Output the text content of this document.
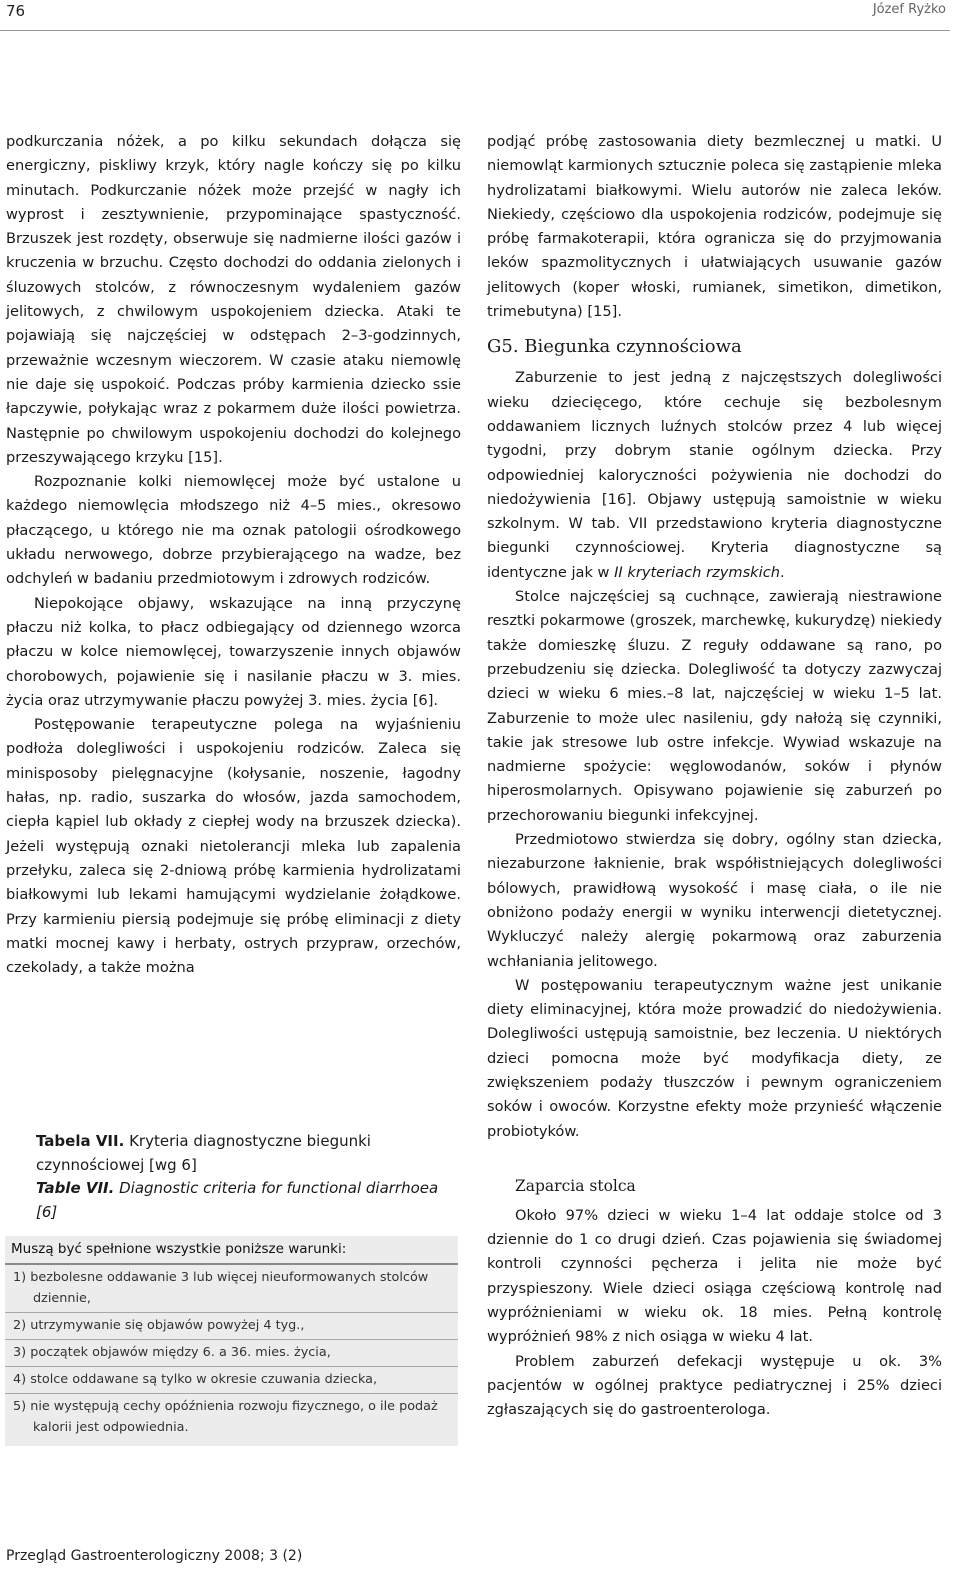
76	Józef Ryżko

podkurczania nóżek, a po kilku sekundach dołącza się energiczny, piskliwy krzyk, który nagle kończy się po kilku minutach. Podkurczanie nóżek może przejść w nagły ich wyprost i zesztywnienie, przypominające spastyczność. Brzuszek jest rozdęty, obserwuje się nadmierne ilości gazów i kruczenia w brzuchu. Często dochodzi do oddania zielonych i śluzowych stolców, z równoczesnym wydaleniem gazów jelitowych, z chwilowym uspokojeniem dziecka. Ataki te pojawiają się najczęściej w odstępach 2–3-godzinnych, przeważnie wczesnym wieczorem. W czasie ataku niemowlę nie daje się uspokoić. Podczas próby karmienia dziecko ssie łapczywie, połykając wraz z pokarmem duże ilości powietrza. Następnie po chwilowym uspokojeniu dochodzi do kolejnego przeszywającego krzyku [15].

Rozpoznanie kolki niemowlęcej może być ustalone u każdego niemowlęcia młodszego niż 4–5 mies., okresowo płaczącego, u którego nie ma oznak patologii ośrodkowego układu nerwowego, dobrze przybierającego na wadze, bez odchyleń w badaniu przedmiotowym i zdrowych rodziców.

Niepokojące objawy, wskazujące na inną przyczynę płaczu niż kolka, to płacz odbiegający od dziennego wzorca płaczu w kolce niemowlęcej, towarzyszenie innych objawów chorobowych, pojawienie się i nasilanie płaczu w 3. mies. życia oraz utrzymywanie płaczu powyżej 3. mies. życia [6].

Postępowanie terapeutyczne polega na wyjaśnieniu podłoża dolegliwości i uspokojeniu rodziców. Zaleca się minisposoby pielęgnacyjne (kołysanie, noszenie, łagodny hałas, np. radio, suszarka do włosów, jazda samochodem, ciepła kąpiel lub okłady z ciepłej wody na brzuszek dziecka). Jeżeli występują oznaki nietolerancji mleka lub zapalenia przełyku, zaleca się 2-dniową próbę karmienia hydrolizatami białkowymi lub lekami hamującymi wydzielanie żołądkowe. Przy karmieniu piersią podejmuje się próbę eliminacji z diety matki mocnej kawy i herbaty, ostrych przypraw, orzechów, czekolady, a także można

Tabela VII. Kryteria diagnostyczne biegunki czynnościowej [wg 6]
Table VII. Diagnostic criteria for functional diarrhoea [6]
Muszą być spełnione wszystkie poniższe warunki:
1) bezbolesne oddawanie 3 lub więcej nieuformowanych stolców dziennie,
2) utrzymywanie się objawów powyżej 4 tyg.,
3) początek objawów między 6. a 36. mies. życia,
4) stolce oddawane są tylko w okresie czuwania dziecka,
5) nie występują cechy opóźnienia rozwoju fizycznego, o ile podaż kalorii jest odpowiednia.

podjąć próbę zastosowania diety bezmlecznej u matki. U niemowląt karmionych sztucznie poleca się zastąpienie mleka hydrolizatami białkowymi. Wielu autorów nie zaleca leków. Niekiedy, częściowo dla uspokojenia rodziców, podejmuje się próbę farmakoterapii, która ogranicza się do przyjmowania leków spazmolitycznych i ułatwiających usuwanie gazów jelitowych (koper włoski, rumianek, simetikon, dimetikon, trimebutyna) [15].

G5. Biegunka czynnościowa

Zaburzenie to jest jedną z najczęstszych dolegliwości wieku dziecięcego, które cechuje się bezbolesnym oddawaniem licznych luźnych stolców przez 4 lub więcej tygodni, przy dobrym stanie ogólnym dziecka. Przy odpowiedniej kaloryczności pożywienia nie dochodzi do niedożywienia [16]. Objawy ustępują samoistnie w wieku szkolnym. W tab. VII przedstawiono kryteria diagnostyczne biegunki czynnościowej. Kryteria diagnostyczne są identyczne jak w II kryteriach rzymskich.

Stolce najczęściej są cuchnące, zawierają niestrawione resztki pokarmowe (groszek, marchewkę, kukurydzę) niekiedy także domieszkę śluzu. Z reguły oddawane są rano, po przebudzeniu się dziecka. Dolegliwość ta dotyczy zazwyczaj dzieci w wieku 6 mies.–8 lat, najczęściej w wieku 1–5 lat. Zaburzenie to może ulec nasileniu, gdy nałożą się czynniki, takie jak stresowe lub ostre infekcje. Wywiad wskazuje na nadmierne spożycie: węglowodanów, soków i płynów hiperosmolarnych. Opisywano pojawienie się zaburzeń po przechorowaniu biegunki infekcyjnej.

Przedmiotowo stwierdza się dobry, ogólny stan dziecka, niezaburzone łaknienie, brak współistniejących dolegliwości bólowych, prawidłową wysokość i masę ciała, o ile nie obniżono podaży energii w wyniku interwencji dietetycznej. Wykluczyć należy alergię pokarmową oraz zaburzenia wchłaniania jelitowego.

W postępowaniu terapeutycznym ważne jest unikanie diety eliminacyjnej, która może prowadzić do niedożywienia. Dolegliwości ustępują samoistnie, bez leczenia. U niektórych dzieci pomocna może być modyfikacja diety, ze zwiększeniem podaży tłuszczów i pewnym ograniczeniem soków i owoców. Korzystne efekty może przynieść włączenie probiotyków.

Zaparcia stolca

Około 97% dzieci w wieku 1–4 lat oddaje stolce od 3 dziennie do 1 co drugi dzień. Czas pojawienia się świadomej kontroli czynności pęcherza i jelita nie może być przyspieszony. Wiele dzieci osiąga częściową kontrolę nad wypróżnieniami w wieku ok. 18 mies. Pełną kontrolę wypróżnień 98% z nich osiąga w wieku 4 lat.

Problem zaburzeń defekacji występuje u ok. 3% pacjentów w ogólnej praktyce pediatrycznej i 25% dzieci zgłaszających się do gastroenterologa.

Przegląd Gastroenterologiczny 2008; 3 (2)
